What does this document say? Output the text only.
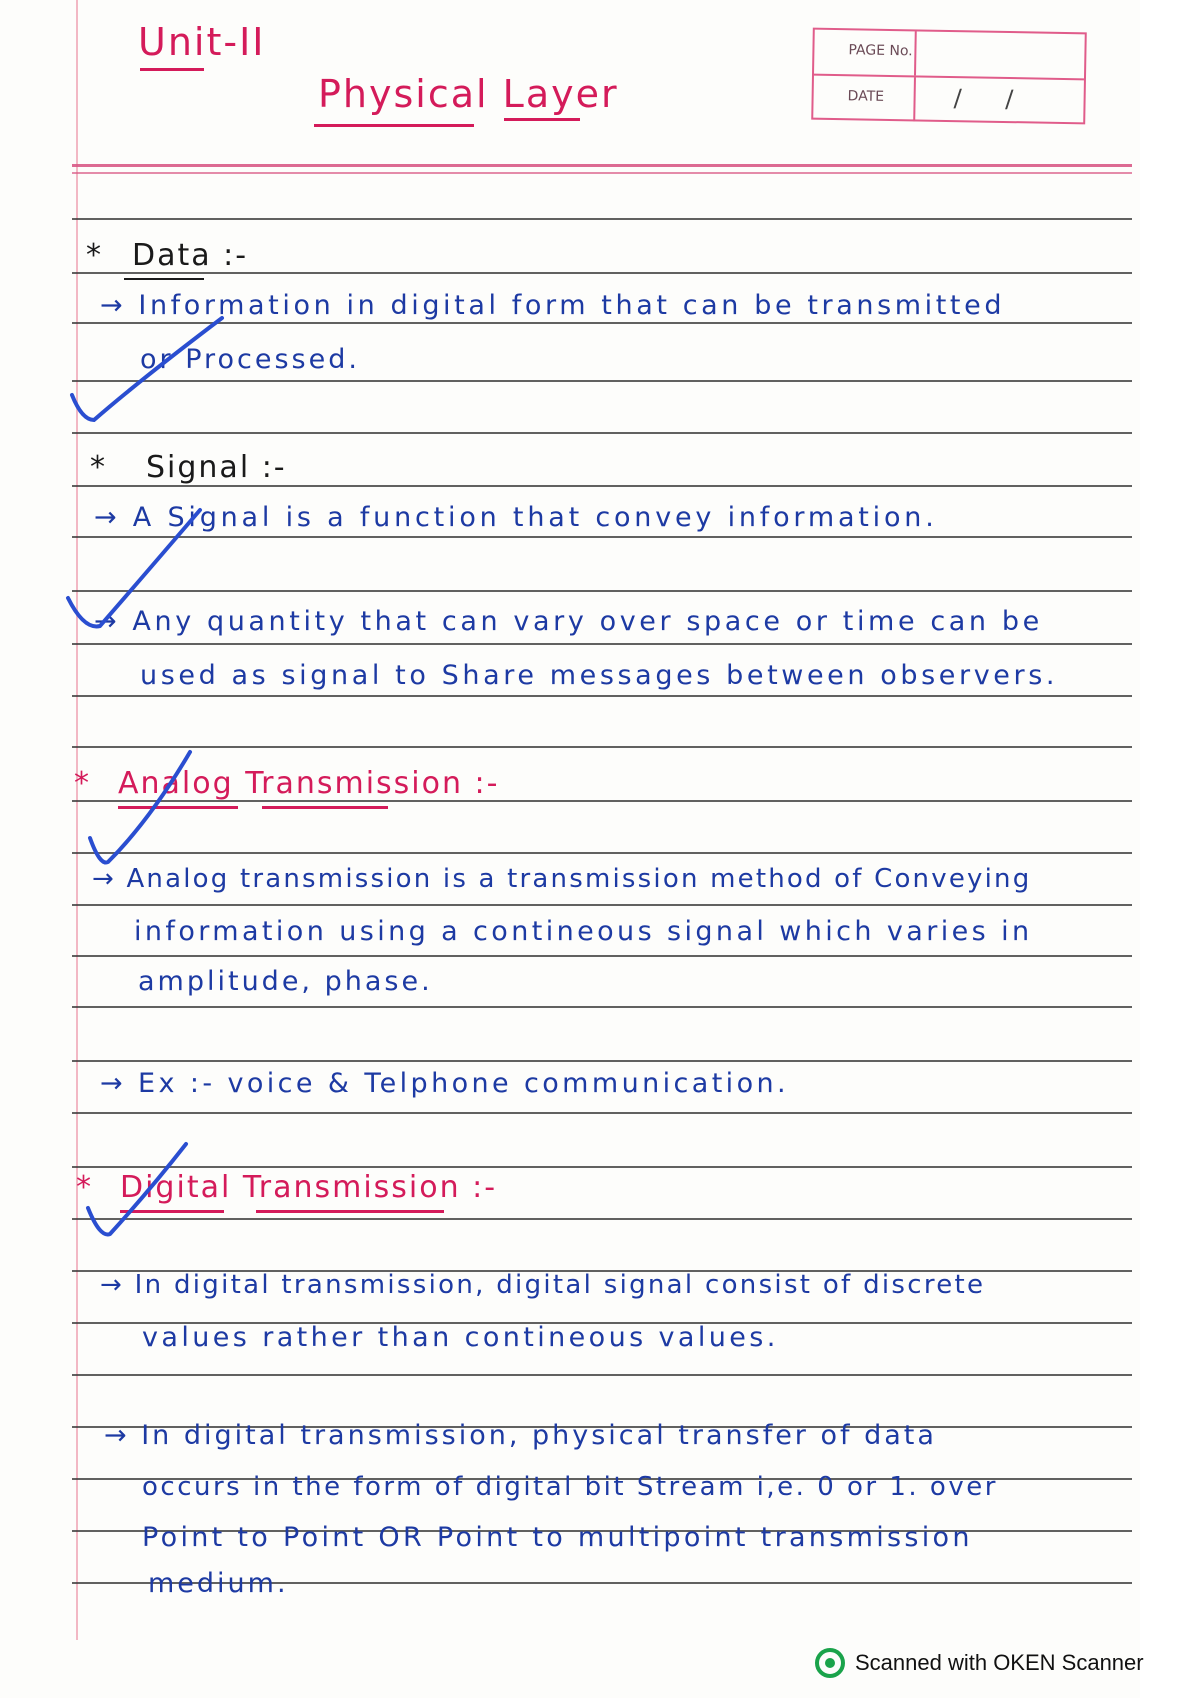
Unit-II
Physical Layer
PAGE No.
DATE	/ /
* Data :-
→ Information in digital form that can be transmitted
or Processed.
* Signal :-
→ A Signal is a function that convey information.
→ Any quantity that can vary over space or time can be
used as signal to Share messages between observers.
* Analog Transmission :-
→ Analog transmission is a transmission method of Conveying
information using a contineous signal which varies in
amplitude, phase.
→ Ex :- voice & Telphone communication.
* Digital Transmission :-
→ In digital transmission, digital signal consist of discrete
values rather than contineous values.
→ In digital transmission, physical transfer of data
occurs in the form of digital bit Stream i,e. 0 or 1. over
Point to Point OR Point to multipoint transmission
medium.
Scanned with OKEN Scanner
